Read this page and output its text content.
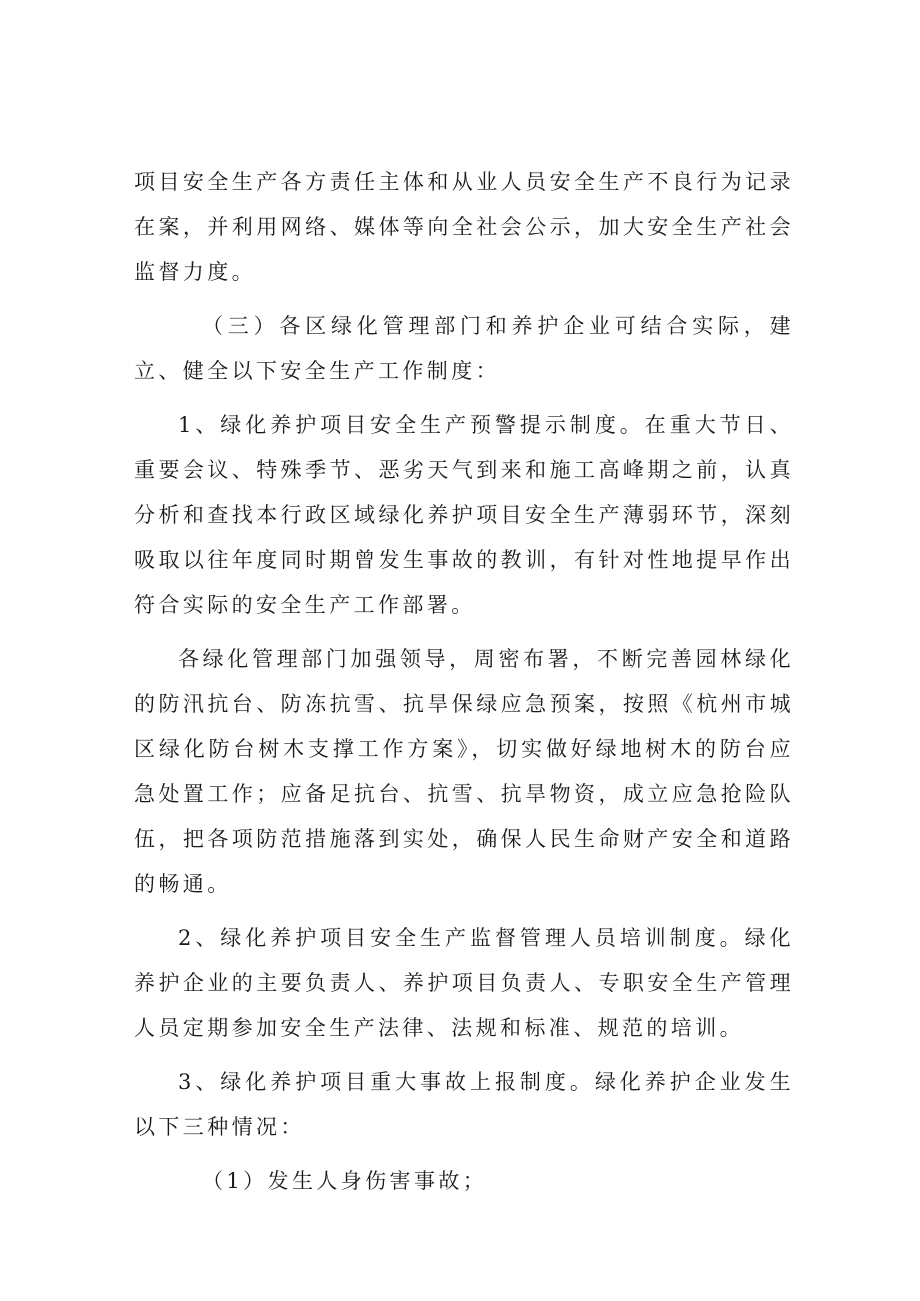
项目安全生产各方责任主体和从业人员安全生产不良行为记录在案，并利用网络、媒体等向全社会公示，加大安全生产社会监督力度。

（三）各区绿化管理部门和养护企业可结合实际，建立、健全以下安全生产工作制度：

1、绿化养护项目安全生产预警提示制度。在重大节日、重要会议、特殊季节、恶劣天气到来和施工高峰期之前，认真分析和查找本行政区域绿化养护项目安全生产薄弱环节，深刻吸取以往年度同时期曾发生事故的教训，有针对性地提早作出符合实际的安全生产工作部署。

各绿化管理部门加强领导，周密布署，不断完善园林绿化的防汛抗台、防冻抗雪、抗旱保绿应急预案，按照《杭州市城区绿化防台树木支撑工作方案》，切实做好绿地树木的防台应急处置工作；应备足抗台、抗雪、抗旱物资，成立应急抢险队伍，把各项防范措施落到实处，确保人民生命财产安全和道路的畅通。

2、绿化养护项目安全生产监督管理人员培训制度。绿化养护企业的主要负责人、养护项目负责人、专职安全生产管理人员定期参加安全生产法律、法规和标准、规范的培训。

3、绿化养护项目重大事故上报制度。绿化养护企业发生以下三种情况：

（1）发生人身伤害事故；
